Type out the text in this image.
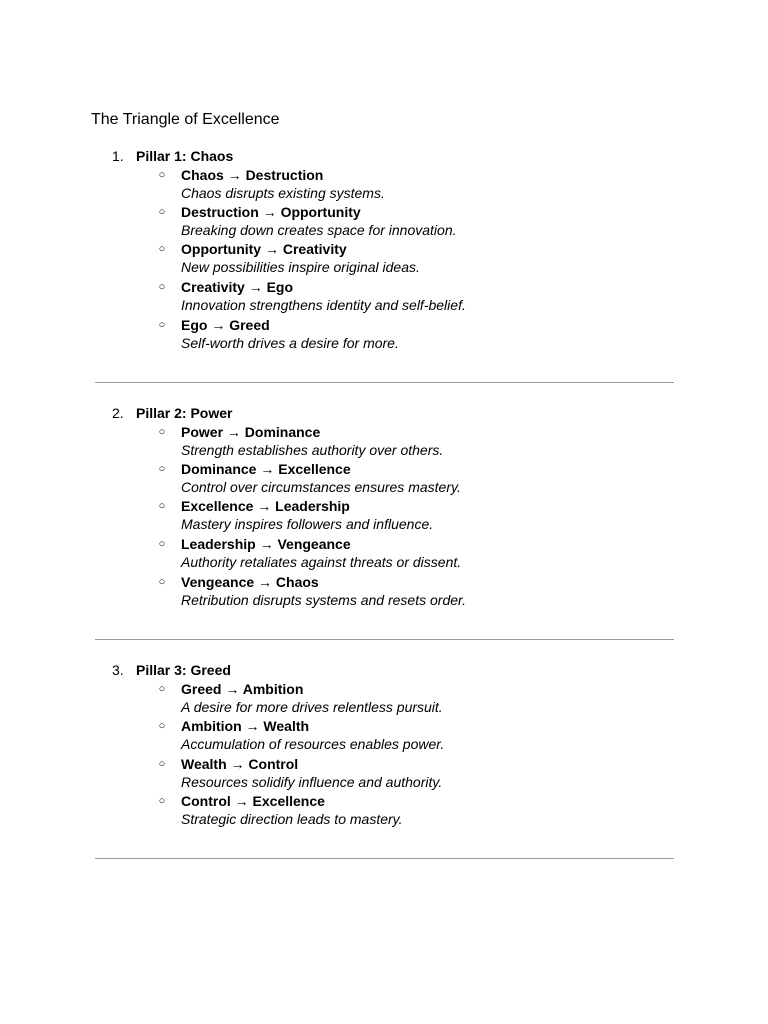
The Triangle of Excellence
1. Pillar 1: Chaos
○ Chaos → Destruction
Chaos disrupts existing systems.
○ Destruction → Opportunity
Breaking down creates space for innovation.
○ Opportunity → Creativity
New possibilities inspire original ideas.
○ Creativity → Ego
Innovation strengthens identity and self-belief.
○ Ego → Greed
Self-worth drives a desire for more.
2. Pillar 2: Power
○ Power → Dominance
Strength establishes authority over others.
○ Dominance → Excellence
Control over circumstances ensures mastery.
○ Excellence → Leadership
Mastery inspires followers and influence.
○ Leadership → Vengeance
Authority retaliates against threats or dissent.
○ Vengeance → Chaos
Retribution disrupts systems and resets order.
3. Pillar 3: Greed
○ Greed → Ambition
A desire for more drives relentless pursuit.
○ Ambition → Wealth
Accumulation of resources enables power.
○ Wealth → Control
Resources solidify influence and authority.
○ Control → Excellence
Strategic direction leads to mastery.
